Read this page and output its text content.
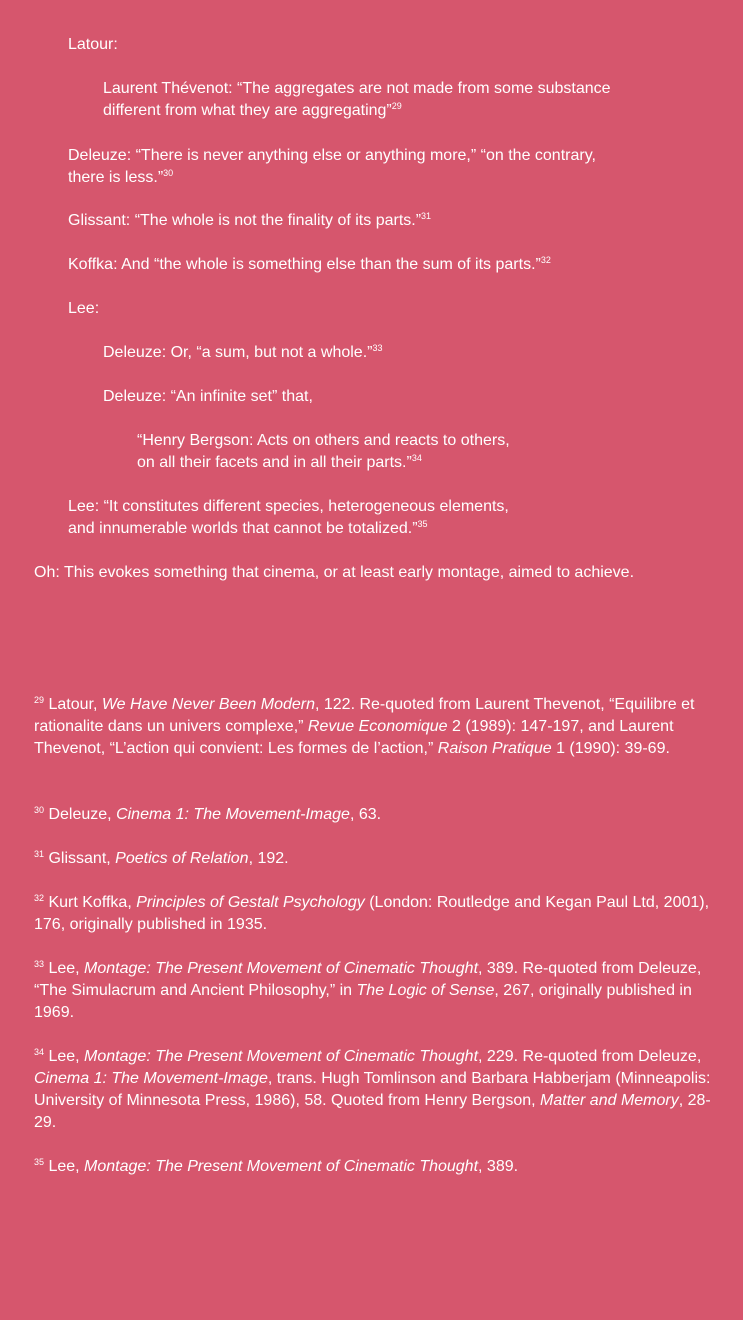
Latour:

Laurent Thévenot: “The aggregates are not made from some substance
different from what they are aggregating”$^{29}$
Deleuze: “There is never anything else or anything more,” “on the contrary,
there is less.”$^{30}$

Glissant: “The whole is not the finality of its parts.”$^{31}$

Koffka: And “the whole is something else than the sum of its parts.”$^{32}$

Lee:

Deleuze: Or, “a sum, but not a whole.”$^{33}$

Deleuze: “An infinite set” that,

“Henry Bergson: Acts on others and reacts to others,
on all their facets and in all their parts.”$^{34}$
Lee: “It constitutes different species, heterogeneous elements,
and innumerable worlds that cannot be totalized.”$^{35}$

Oh: This evokes something that cinema, or at least early montage, aimed to achieve.

$^{29}$ Latour, We Have Never Been Modern, 122. Re-quoted from Laurent Thevenot, “Equilibre et rationalite dans un univers complexe,” Revue Economique 2 (1989): 147-197, and Laurent Thevenot, “L’action qui convient: Les formes de l’action,” Raison Pratique 1 (1990): 39-69.

$^{30}$ Deleuze, Cinema 1: The Movement-Image, 63.

$^{31}$ Glissant, Poetics of Relation, 192.

$^{32}$ Kurt Koffka, Principles of Gestalt Psychology (London: Routledge and Kegan Paul Ltd, 2001), 176, originally published in 1935.

$^{33}$ Lee, Montage: The Present Movement of Cinematic Thought, 389. Re-quoted from Deleuze, “The Simulacrum and Ancient Philosophy,” in The Logic of Sense, 267, originally published in 1969.

$^{34}$ Lee, Montage: The Present Movement of Cinematic Thought, 229. Re-quoted from Deleuze, Cinema 1: The Movement-Image, trans. Hugh Tomlinson and Barbara Habberjam (Minneapolis: University of Minnesota Press, 1986), 58. Quoted from Henry Bergson, Matter and Memory, 28-29.

$^{35}$ Lee, Montage: The Present Movement of Cinematic Thought, 389.
